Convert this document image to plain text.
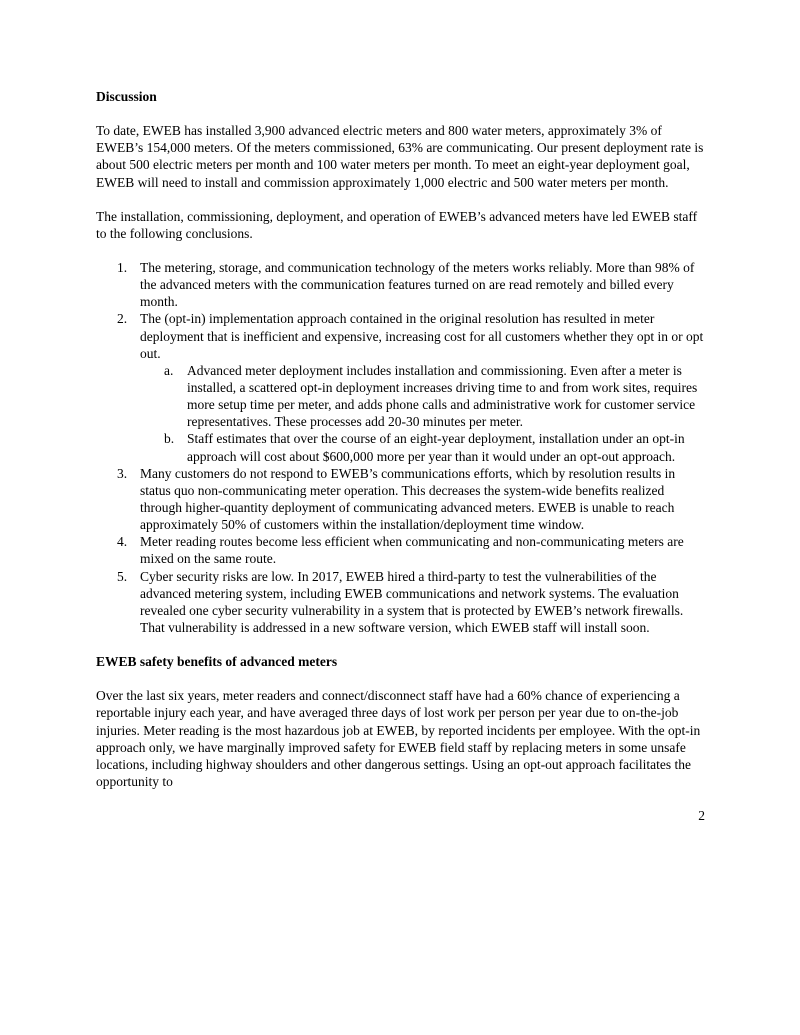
Discussion

To date, EWEB has installed 3,900 advanced electric meters and 800 water meters, approximately 3% of EWEB’s 154,000 meters. Of the meters commissioned, 63% are communicating. Our present deployment rate is about 500 electric meters per month and 100 water meters per month. To meet an eight-year deployment goal, EWEB will need to install and commission approximately 1,000 electric and 500 water meters per month.

The installation, commissioning, deployment, and operation of EWEB’s advanced meters have led EWEB staff to the following conclusions.

1. The metering, storage, and communication technology of the meters works reliably. More than 98% of the advanced meters with the communication features turned on are read remotely and billed every month.
2. The (opt-in) implementation approach contained in the original resolution has resulted in meter deployment that is inefficient and expensive, increasing cost for all customers whether they opt in or opt out.
a.	Advanced meter deployment includes installation and commissioning. Even after a meter is installed, a scattered opt-in deployment increases driving time to and from work sites, requires more setup time per meter, and adds phone calls and administrative work for customer service representatives. These processes add 20-30 minutes per meter.
b. Staff estimates that over the course of an eight-year deployment, installation under an opt-in approach will cost about $600,000 more per year than it would under an opt-out approach.
3. Many customers do not respond to EWEB’s communications efforts, which by resolution results in status quo non-communicating meter operation. This decreases the system-wide benefits realized through higher-quantity deployment of communicating advanced meters. EWEB is unable to reach approximately 50% of customers within the installation/deployment time window.
4. Meter reading routes become less efficient when communicating and non-communicating meters are mixed on the same route.
5. Cyber security risks are low. In 2017, EWEB hired a third-party to test the vulnerabilities of the advanced metering system, including EWEB communications and network systems. The evaluation revealed one cyber security vulnerability in a system that is protected by EWEB’s network firewalls. That vulnerability is addressed in a new software version, which EWEB staff will install soon.
EWEB safety benefits of advanced meters

Over the last six years, meter readers and connect/disconnect staff have had a 60% chance of experiencing a reportable injury each year, and have averaged three days of lost work per person per year due to on-the-job injuries. Meter reading is the most hazardous job at EWEB, by reported incidents per employee. With the opt-in approach only, we have marginally improved safety for EWEB field staff by replacing meters in some unsafe locations, including highway shoulders and other dangerous settings. Using an opt-out approach facilitates the opportunity to

2
